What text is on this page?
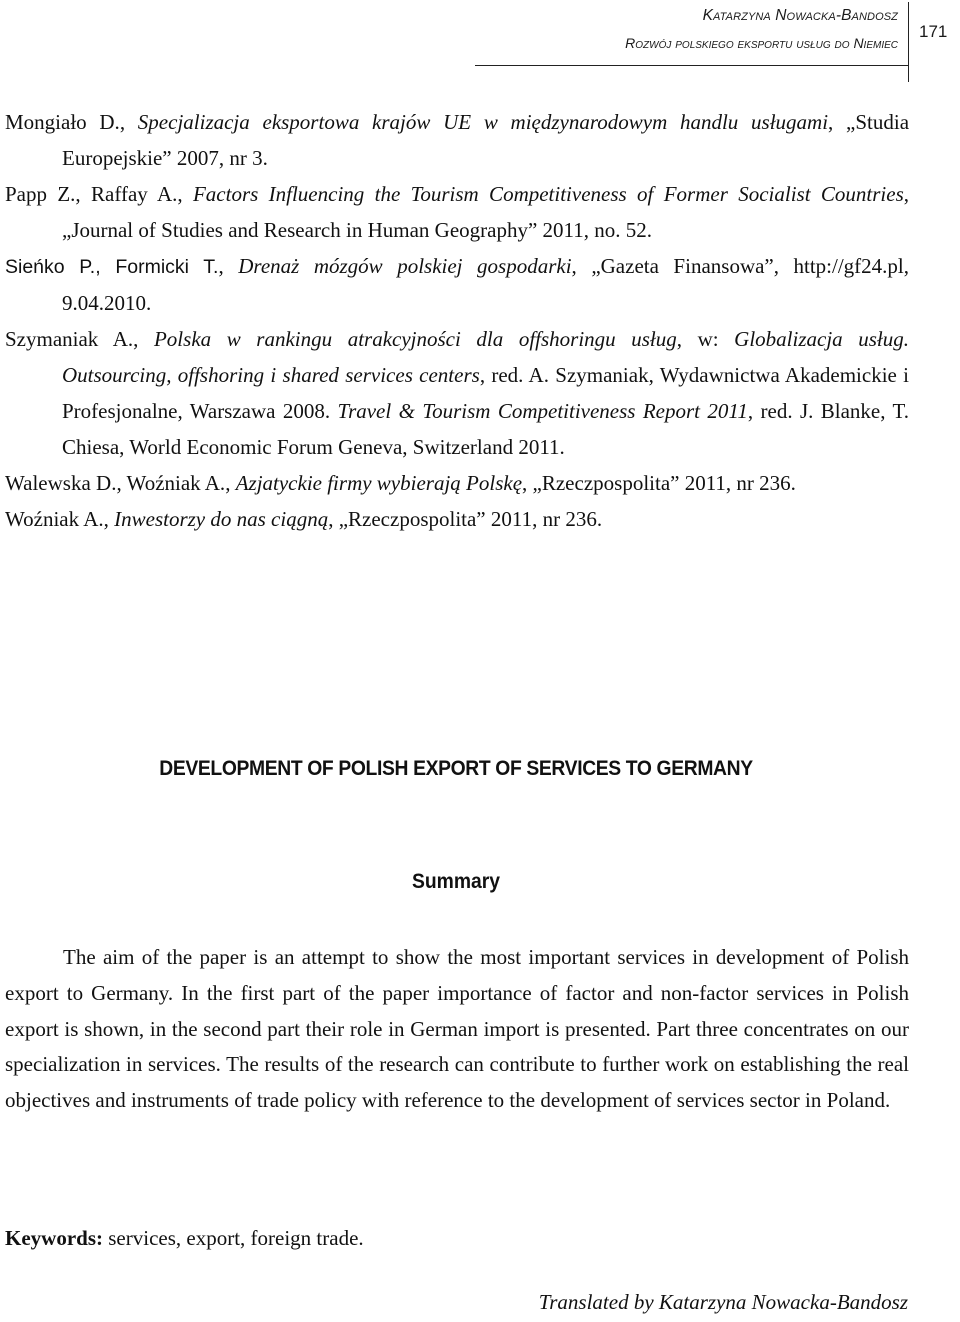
Katarzyna Nowacka-Bandosz
Rozwój polskiego eksportu usług do Niemiec
171

Mongiało D., Specjalizacja eksportowa krajów UE w międzynarodowym handlu usługami, „Studia Europejskie” 2007, nr 3.

Papp Z., Raffay A., Factors Influencing the Tourism Competitiveness of Former Socialist Countries, „Journal of Studies and Research in Human Geography” 2011, no. 52.

Sieńko P., Formicki T., Drenaż mózgów polskiej gospodarki, „Gazeta Finansowa”, http://gf24.pl, 9.04.2010.

Szymaniak A., Polska w rankingu atrakcyjności dla offshoringu usług, w: Globalizacja usług. Outsourcing, offshoring i shared services centers, red. A. Szymaniak, Wydawnictwa Akademickie i Profesjonalne, Warszawa 2008. Travel & Tourism Competitiveness Report 2011, red. J. Blanke, T. Chiesa, World Economic Forum Geneva, Switzerland 2011.

Walewska D., Woźniak A., Azjatyckie firmy wybierają Polskę, „Rzeczpospolita” 2011, nr 236.

Woźniak A., Inwestorzy do nas ciągną, „Rzeczpospolita” 2011, nr 236.

DEVELOPMENT OF POLISH EXPORT OF SERVICES TO GERMANY
Summary

The aim of the paper is an attempt to show the most important services in development of Polish export to Germany. In the first part of the paper importance of factor and non-factor services in Polish export is shown, in the second part their role in German import is presented. Part three concentrates on our specialization in services. The results of the research can contribute to further work on establishing the real objectives and instruments of trade policy with reference to the development of services sector in Poland.

Keywords: services, export, foreign trade.
Translated by Katarzyna Nowacka-Bandosz
